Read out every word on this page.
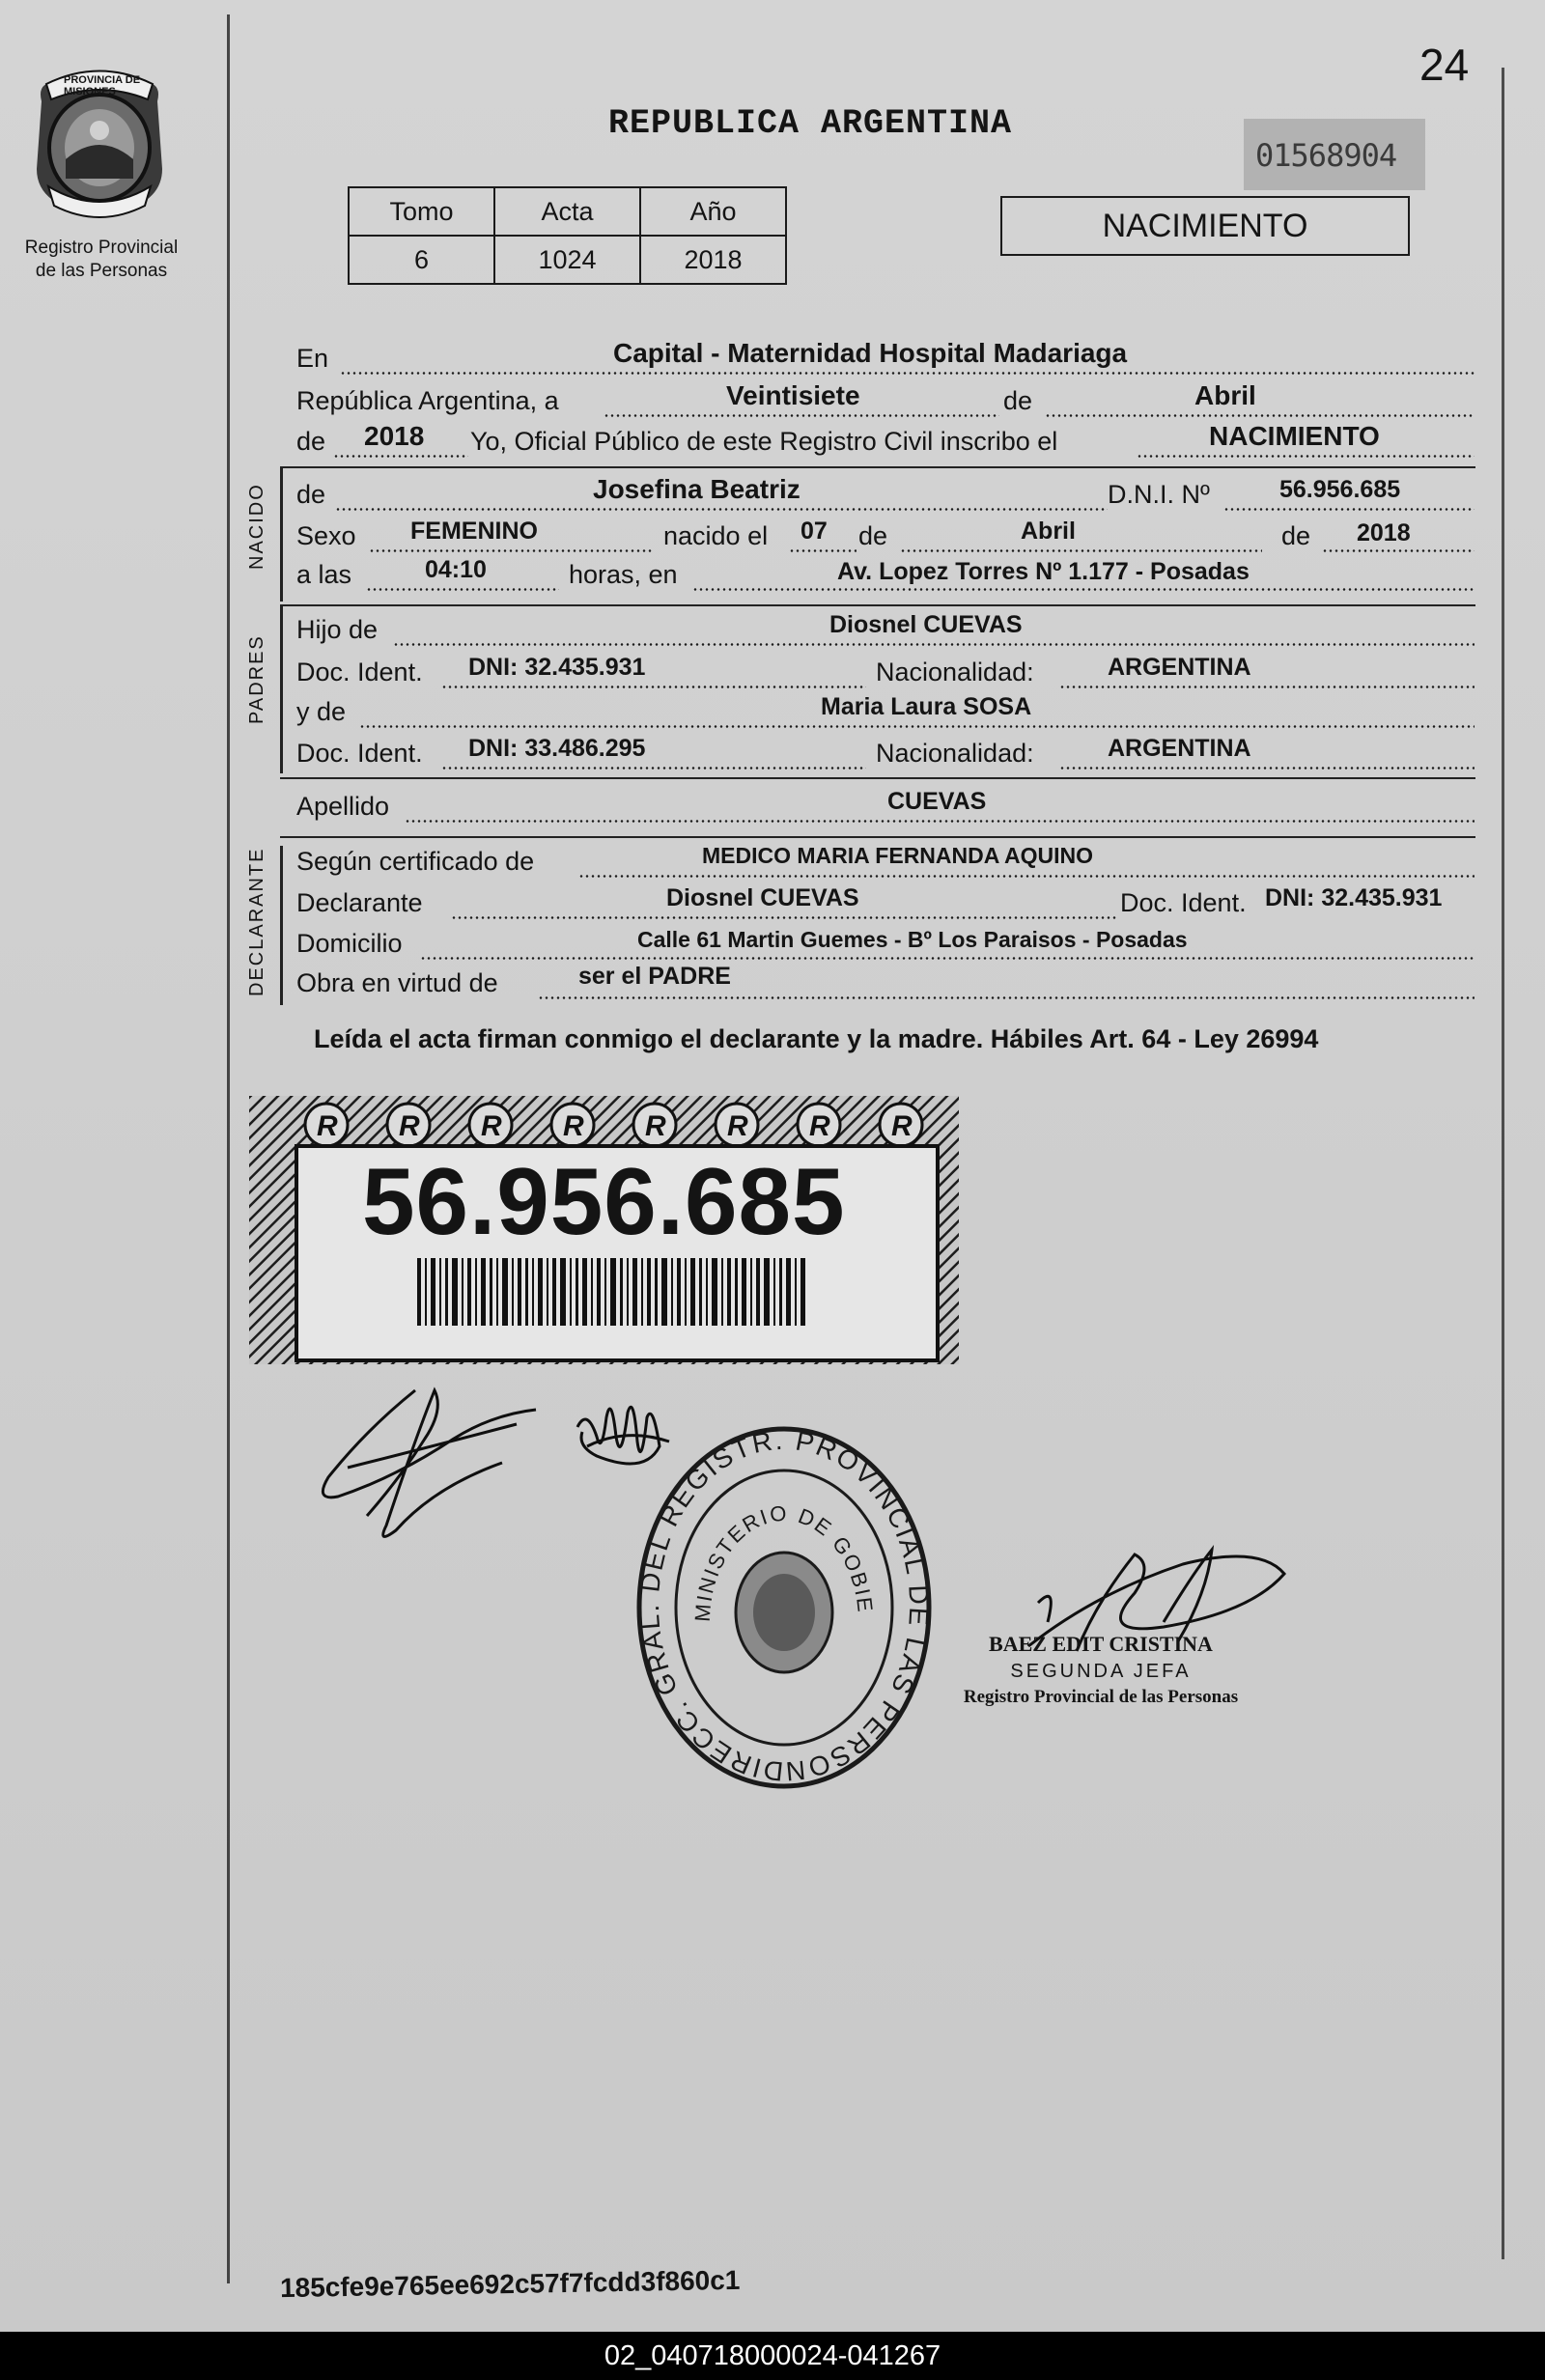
PROVINCIA DE MISIONES
Registro Provincial
de las Personas
24
REPUBLICA ARGENTINA
01568904
Tomo	Acta	Año
6	1024	2018
NACIMIENTO
En	Capital - Maternidad Hospital Madariaga
República Argentina, a	Veintisiete	de	Abril
de 2018 Yo, Oficial Público de este Registro Civil inscribo el	NACIMIENTO
NACIDO de	Josefina Beatriz	D.N.I. Nº	56.956.685
Sexo FEMENINO	nacido el 07 de	Abril	de 2018
a las	04:10	horas, en	Av. Lopez Torres Nº 1.177 - Posadas
PADRES
Hijo de	Diosnel CUEVAS
Doc. Ident. DNI: 32.435.931	Nacionalidad:	ARGENTINA
y de	Maria Laura SOSA
Doc. Ident. DNI: 33.486.295	Nacionalidad:	ARGENTINA
Apellido	CUEVAS
DECLARANTE Según certificado de	MEDICO MARIA FERNANDA AQUINO
Declarante	Diosnel CUEVAS	Doc. Ident. DNI: 32.435.931
Domicilio	Calle 61 Martin Guemes - Bº Los Paraisos - Posadas
Obra en virtud de	ser el PADRE
Leída el acta firman conmigo el declarante y la madre. Hábiles Art. 64 - Ley 26994
R R R R R R R R
56.956.685
DIRECC. GRAL. DEL REGISTR. PROVINCIAL DE LAS PERSON
MINISTERIO DE GOBIE
BAEZ EDIT CRISTINA
SEGUNDA JEFA
Registro Provincial de las Personas
185cfe9e765ee692c57f7fcdd3f860c1
02_040718000024-041267
